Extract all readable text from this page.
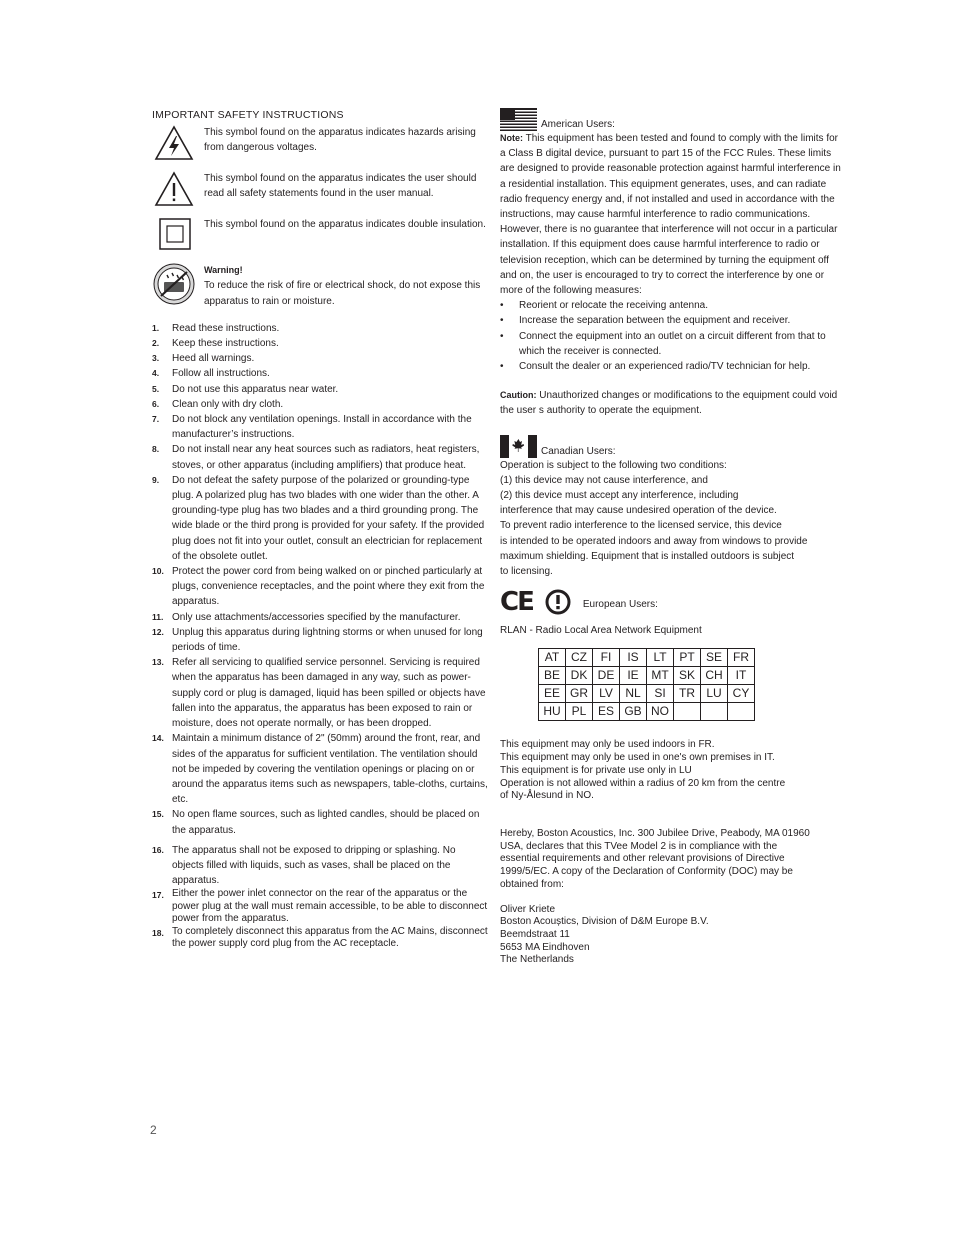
IMPORTANT SAFETY INSTRUCTIONS
This symbol found on the apparatus indicates hazards arising from dangerous voltages.
This symbol found on the apparatus indicates the user should read all safety statements found in the user manual.
This symbol found on the apparatus indicates double insulation.
Warning!
To reduce the risk of fire or electrical shock, do not expose this apparatus to rain or moisture.
1.	Read these instructions.
2.	Keep these instructions.
3.	Heed all warnings.
4.	Follow all instructions.
5.	Do not use this apparatus near water.
6.	Clean only with dry cloth.
7.	Do not block any ventilation openings. Install in accordance with the manufacturer’s instructions.
8.	Do not install near any heat sources such as radiators, heat registers, stoves, or other apparatus (including amplifiers) that produce heat.
9.	Do not defeat the safety purpose of the polarized or grounding-type plug. A polarized plug has two blades with one wider than the other. A grounding-type plug has two blades and a third grounding prong. The wide blade or the third prong is provided for your safety. If the provided plug does not fit into your outlet, consult an electrician for replacement of the obsolete outlet.
10. Protect the power cord from being walked on or pinched particularly at plugs, convenience receptacles, and the point where they exit from the apparatus.
11. Only use attachments/accessories specified by the manufacturer.
12. Unplug this apparatus during lightning storms or when unused for long periods of time.
13. Refer all servicing to qualified service personnel. Servicing is required when the apparatus has been damaged in any way, such as power-supply cord or plug is damaged, liquid has been spilled or objects have fallen into the apparatus, the apparatus has been exposed to rain or moisture, does not operate normally, or has been dropped.
14. Maintain a minimum distance of 2" (50mm) around the front, rear, and sides of the apparatus for sufficient ventilation. The ventilation should not be impeded by covering the ventilation openings or placing on or around the apparatus items such as newspapers, table-cloths, curtains, etc.
15. No open flame sources, such as lighted candles, should be placed on the apparatus.
16. The apparatus shall not be exposed to dripping or splashing. No objects filled with liquids, such as vases, shall be placed on the apparatus.
17. Either the power inlet connector on the rear of the apparatus or the power plug at the wall must remain accessible, to be able to disconnect power from the apparatus.
18. To completely disconnect this apparatus from the AC Mains, disconnect the power supply cord plug from the AC receptacle.
American Users:

Note: This equipment has been tested and found to comply with the limits for a Class B digital device, pursuant to part 15 of the FCC Rules. These limits are designed to provide reasonable protection against harmful interference in a residential installation. This equipment generates, uses, and can radiate radio frequency energy and, if not installed and used in accordance with the instructions, may cause harmful interference to radio communications. However, there is no guarantee that interference will not occur in a particular installation. If this equipment does cause harmful interference to radio or television reception, which can be determined by turning the equipment off and on, the user is encouraged to try to correct the interference by one or more of the following measures:

•	Reorient or relocate the receiving antenna.
•	Increase the separation between the equipment and receiver.
•	Connect the equipment into an outlet on a circuit different from that to which the receiver is connected.
•	Consult the dealer or an experienced radio/TV technician for help.

Caution: Unauthorized changes or modifications to the equipment could void the user s authority to operate the equipment.

Canadian Users:
Operation is subject to the following two conditions:
(1) this device may not cause interference, and
(2) this device must accept any interference, including
interference that may cause undesired operation of the device.
To prevent radio interference to the licensed service, this device
is intended to be operated indoors and away from windows to provide
maximum shielding. Equipment that is installed outdoors is subject
to licensing.
CE	European Users:
RLAN - Radio Local Area Network Equipment
AT	CZ	FI	IS	LT	PT	SE	FR
BE	DK	DE	IE	MT	SK	CH	IT
EE	GR	LV	NL	SI	TR	LU	CY
HU	PL	ES	GB	NO			
This equipment may only be used indoors in FR.
This equipment may only be used in one's own premises in IT.
This equipment is for private use only in LU
Operation is not allowed within a radius of 20 km from the centre
of Ny-Ålesund in NO.
Hereby, Boston Acoustics, Inc. 300 Jubilee Drive, Peabody, MA 01960
USA, declares that this TVee Model 2 is in compliance with the
essential requirements and other relevant provisions of Directive
1999/5/EC. A copy of the Declaration of Conformity (DOC) may be
obtained from:
Oliver Kriete
Boston Acouștics, Division of D&M Europe B.V.
Beemdstraat 11
5653 MA Eindhoven
The Netherlands
2
